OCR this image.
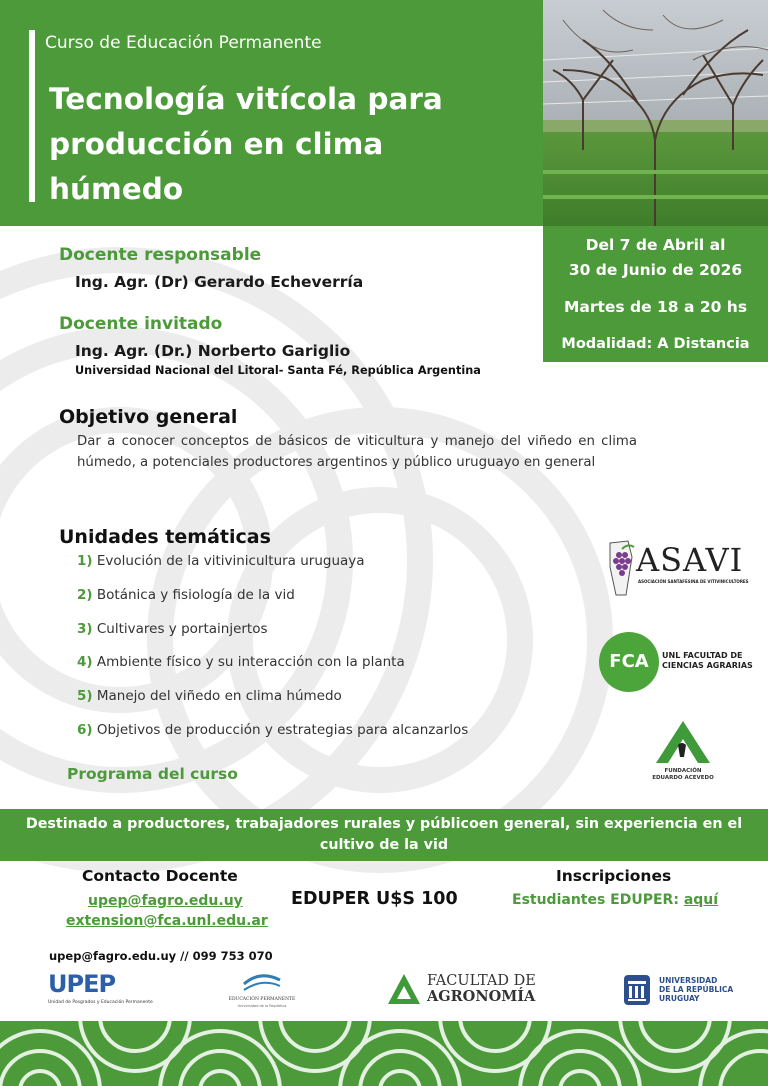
Curso de Educación Permanente
Tecnología vitícola para
producción en clima
húmedo
Del 7 de Abril al
30 de Junio de 2026
Martes de 18 a 20 hs
Modalidad: A Distancia
Docente responsable
Ing. Agr. (Dr) Gerardo Echeverría
Docente invitado
Ing. Agr. (Dr.) Norberto Gariglio
Universidad Nacional del Litoral- Santa Fé, República Argentina
Objetivo general
Dar a conocer conceptos de básicos de viticultura y manejo del viñedo en clima húmedo, a potenciales productores argentinos y público uruguayo en general
Unidades temáticas
1) Evolución de la vitivinicultura uruguaya
2) Botánica y fisiología de la vid
3) Cultivares y portainjertos
4) Ambiente físico y su interacción con la planta
5) Manejo del viñedo en clima húmedo
6) Objetivos de producción y estrategias para alcanzarlos
Programa del curso
ASAVI
ASOCIACIÓN SANTAFESINA DE VITIVINICULTORES
FCA	UNL FACULTAD DE
CIENCIAS AGRARIAS
FUNDACIÓN
EDUARDO ACEVEDO
Destinado a productores, trabajadores rurales y públicoen general, sin experiencia en el
cultivo de la vid
Contacto Docente
upep@fagro.edu.uy
extension@fca.unl.edu.ar
EDUPER U$S 100
Inscripciones
Estudiantes EDUPER: aquí
upep@fagro.edu.uy // 099 753 070
UPEP
Unidad de Posgrados y Educación Permanente
EDUCACIÓN PERMANENTE
Universidad de la República
FACULTAD DE
AGRONOMÍA
UNIVERSIDAD
DE LA REPÚBLICA
URUGUAY
